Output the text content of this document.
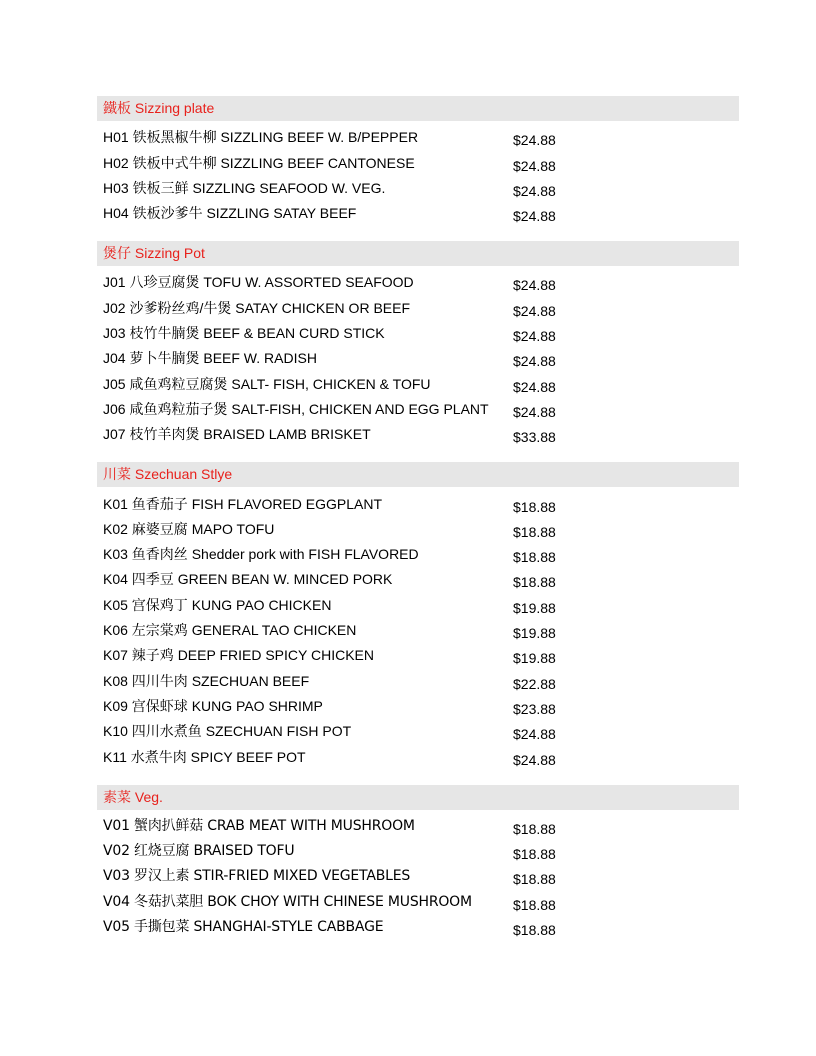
鐵板 Sizzing plate
H01 铁板黑椒牛柳 SIZZLING BEEF W. B/PEPPER	$24.88
H02 铁板中式牛柳 SIZZLING BEEF CANTONESE	$24.88
H03 铁板三鲜 SIZZLING SEAFOOD W. VEG.	$24.88
H04 铁板沙爹牛 SIZZLING SATAY BEEF	$24.88
煲仔 Sizzing Pot
J01 八珍豆腐煲 TOFU W. ASSORTED SEAFOOD	$24.88
J02 沙爹粉丝鸡/牛煲 SATAY CHICKEN OR BEEF	$24.88
J03 枝竹牛腩煲 BEEF & BEAN CURD STICK	$24.88
J04 萝卜牛腩煲 BEEF W. RADISH	$24.88
J05 咸鱼鸡粒豆腐煲 SALT- FISH, CHICKEN & TOFU	$24.88
J06 咸鱼鸡粒茄子煲 SALT-FISH, CHICKEN AND EGG PLANT	$24.88
J07 枝竹羊肉煲 BRAISED LAMB BRISKET	$33.88
川菜 Szechuan Stlye
K01 鱼香茄子 FISH FLAVORED EGGPLANT	$18.88
K02 麻婆豆腐 MAPO TOFU	$18.88
K03 鱼香肉丝 Shedder pork with FISH FLAVORED	$18.88
K04 四季豆 GREEN BEAN W. MINCED PORK	$18.88
K05 宫保鸡丁 KUNG PAO CHICKEN	$19.88
K06 左宗棠鸡 GENERAL TAO CHICKEN	$19.88
K07 辣子鸡 DEEP FRIED SPICY CHICKEN	$19.88
K08 四川牛肉 SZECHUAN BEEF	$22.88
K09 宫保虾球 KUNG PAO SHRIMP	$23.88
K10 四川水煮鱼 SZECHUAN FISH POT	$24.88
K11 水煮牛肉 SPICY BEEF POT	$24.88
素菜 Veg.
V01 蟹肉扒鲜菇 CRAB MEAT WITH MUSHROOM	$18.88
V02 红烧豆腐 BRAISED TOFU	$18.88
V03 罗汉上素 STIR-FRIED MIXED VEGETABLES	$18.88
V04 冬菇扒菜胆 BOK CHOY WITH CHINESE MUSHROOM	$18.88
V05 手撕包菜 SHANGHAI-STYLE CABBAGE	$18.88
